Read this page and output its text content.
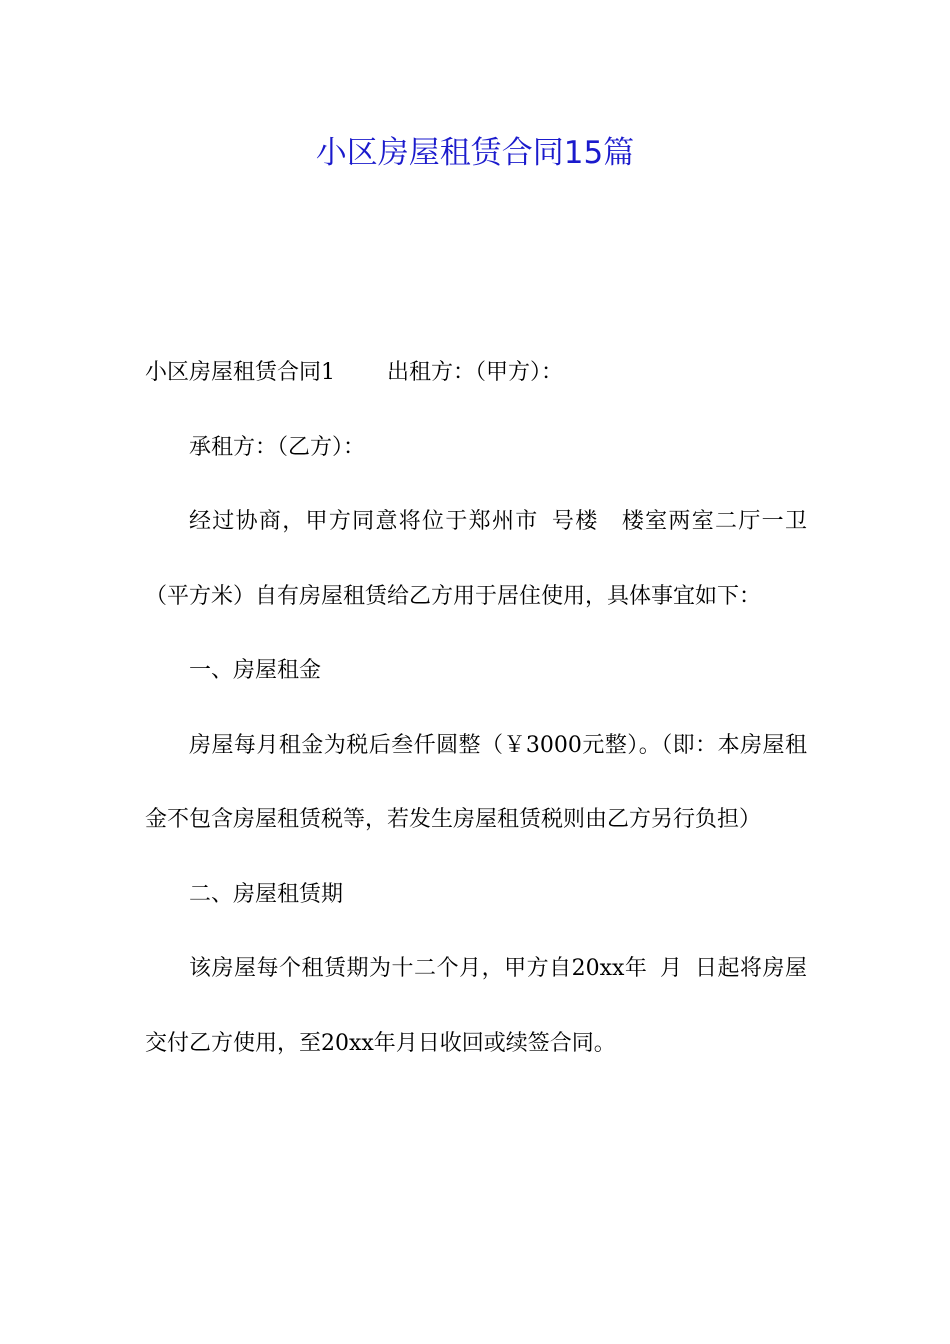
小区房屋租赁合同15篇

小区房屋租赁合同1 出租方：（甲方）：

承租方：（乙方）：

经过协商，甲方同意将位于郑州市 号楼 楼室两室二厅一卫（平方米）自有房屋租赁给乙方用于居住使用，具体事宜如下：

一、房屋租金

房屋每月租金为税后叁仟圆整（￥3000元整）。（即：本房屋租金不包含房屋租赁税等，若发生房屋租赁税则由乙方另行负担）

二、房屋租赁期

该房屋每个租赁期为十二个月，甲方自20xx年 月 日起将房屋交付乙方使用，至20xx年月日收回或续签合同。
